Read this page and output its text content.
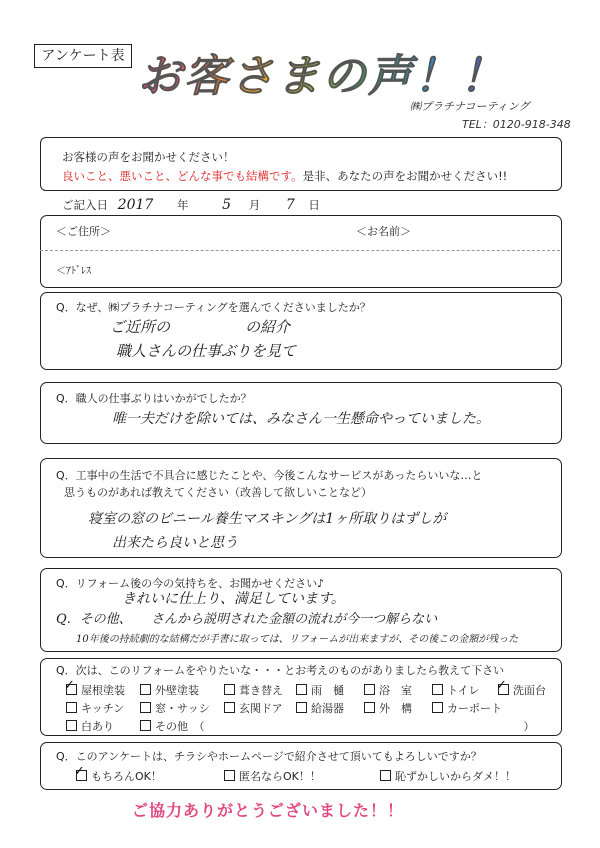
アンケート表 お客さまの声！！
㈱プラチナコーティング
TEL：0120-918-348
お客様の声をお聞かせください！
良いこと、悪いこと、どんな事でも結構です。是非、あなたの声をお聞かせください!!
ご記入日 2017 年 5 月 7 日
＜ご住所＞	＜お名前＞
＜ｱﾄﾞﾚｽ
Q．なぜ、㈱プラチナコーティングを選んでくださいましたか？
ご近所の　　　　　の紹介
職人さんの仕事ぶりを見て
Q．職人の仕事ぶりはいかがでしたか？
唯一夫だけを除いては、みなさん一生懸命やっていました。
Q．工事中の生活で不具合に感じたことや、今後こんなサービスがあったらいいな…と
思うものがあれば教えてください（改善して欲しいことなど）
寝室の窓のビニール養生マスキングは1ヶ所取りはずしが
出来たら良いと思う
Q．リフォーム後の今の気持ちを、お聞かせください♪
きれいに仕上り、満足しています。
Q．その他、　　さんから説明された金額の流れが今一つ解らない
10年後の持続劇的な結構だが手書に取っては、リフォームが出来ますが、その後この金額が残った
Q．次は、このリフォームをやりたいな・・・とお考えのものがありましたら教えて下さい
屋根塗装	外壁塗装	葺き替え	雨　樋	浴　室	トイレ	洗面台
キッチン	窓・サッシ	玄関ドア	給湯器	外　構	カーポート
白あり	その他　（　　　　　　　　　　　　　　　　　　　　　　　　　　　　　）
✓	✓
Q．このアンケートは、チラシやホームページで紹介させて頂いてもよろしいですか？
もちろんOK！	匿名ならOK！！	恥ずかしいからダメ！！
✓
ご協力ありがとうございました！！
